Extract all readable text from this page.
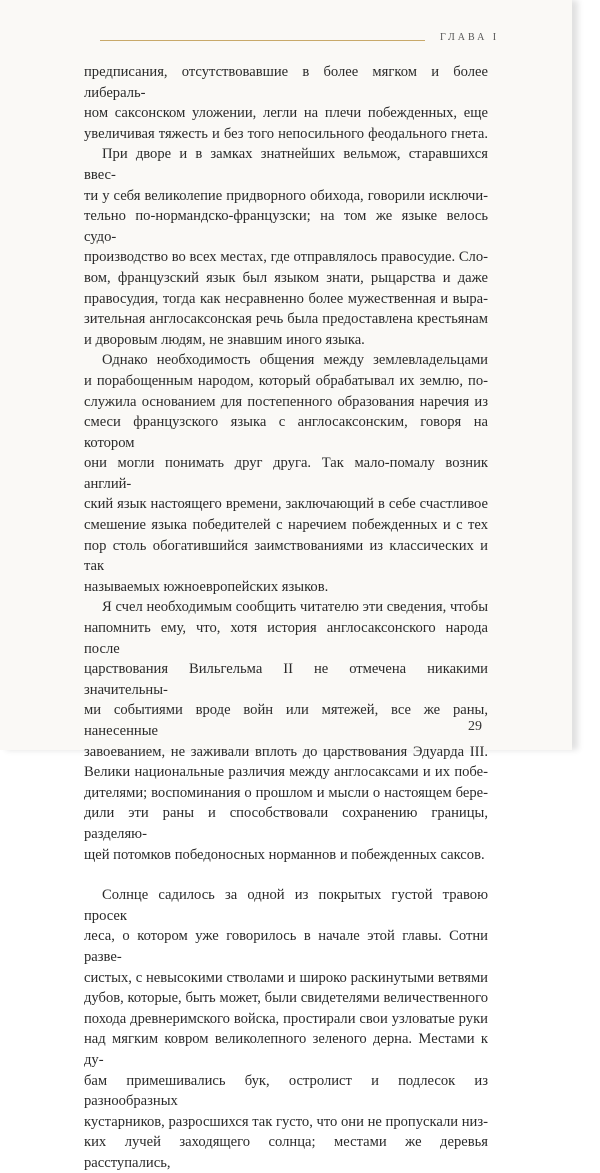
ГЛАВА I

предписания, отсутствовавшие в более мягком и более либераль-
ном саксонском уложении, легли на плечи побежденных, еще
увеличивая тяжесть и без того непосильного феодального гнета.

При дворе и в замках знатнейших вельмож, старавшихся ввес-
ти у себя великолепие придворного обихода, говорили исключи-
тельно по-нормандско-французски; на том же языке велось судо-
производство во всех местах, где отправлялось правосудие. Сло-
вом, французский язык был языком знати, рыцарства и даже
правосудия, тогда как несравненно более мужественная и выра-
зительная англосаксонская речь была предоставлена крестьянам
и дворовым людям, не знавшим иного языка.

Однако необходимость общения между землевладельцами
и порабощенным народом, который обрабатывал их землю, по-
служила основанием для постепенного образования наречия из
смеси французского языка с англосаксонским, говоря на котором
они могли понимать друг друга. Так мало-помалу возник англий-
ский язык настоящего времени, заключающий в себе счастливое
смешение языка победителей с наречием побежденных и с тех
пор столь обогатившийся заимствованиями из классических и так
называемых южноевропейских языков.

Я счел необходимым сообщить читателю эти сведения, чтобы
напомнить ему, что, хотя история англосаксонского народа после
царствования Вильгельма II не отмечена никакими значительны-
ми событиями вроде войн или мятежей, все же раны, нанесенные
завоеванием, не заживали вплоть до царствования Эдуарда III.
Велики национальные различия между англосаксами и их побе-
дителями; воспоминания о прошлом и мысли о настоящем бере-
дили эти раны и способствовали сохранению границы, разделяю-
щей потомков победоносных норманнов и побежденных саксов.

Солнце садилось за одной из покрытых густой травою просек
леса, о котором уже говорилось в начале этой главы. Сотни разве-
систых, с невысокими стволами и широко раскинутыми ветвями
дубов, которые, быть может, были свидетелями величественного
похода древнеримского войска, простирали свои узловатые руки
над мягким ковром великолепного зеленого дерна. Местами к ду-
бам примешивались бук, остролист и подлесок из разнообразных
кустарников, разросшихся так густо, что они не пропускали низ-
ких лучей заходящего солнца; местами же деревья расступались,

29
